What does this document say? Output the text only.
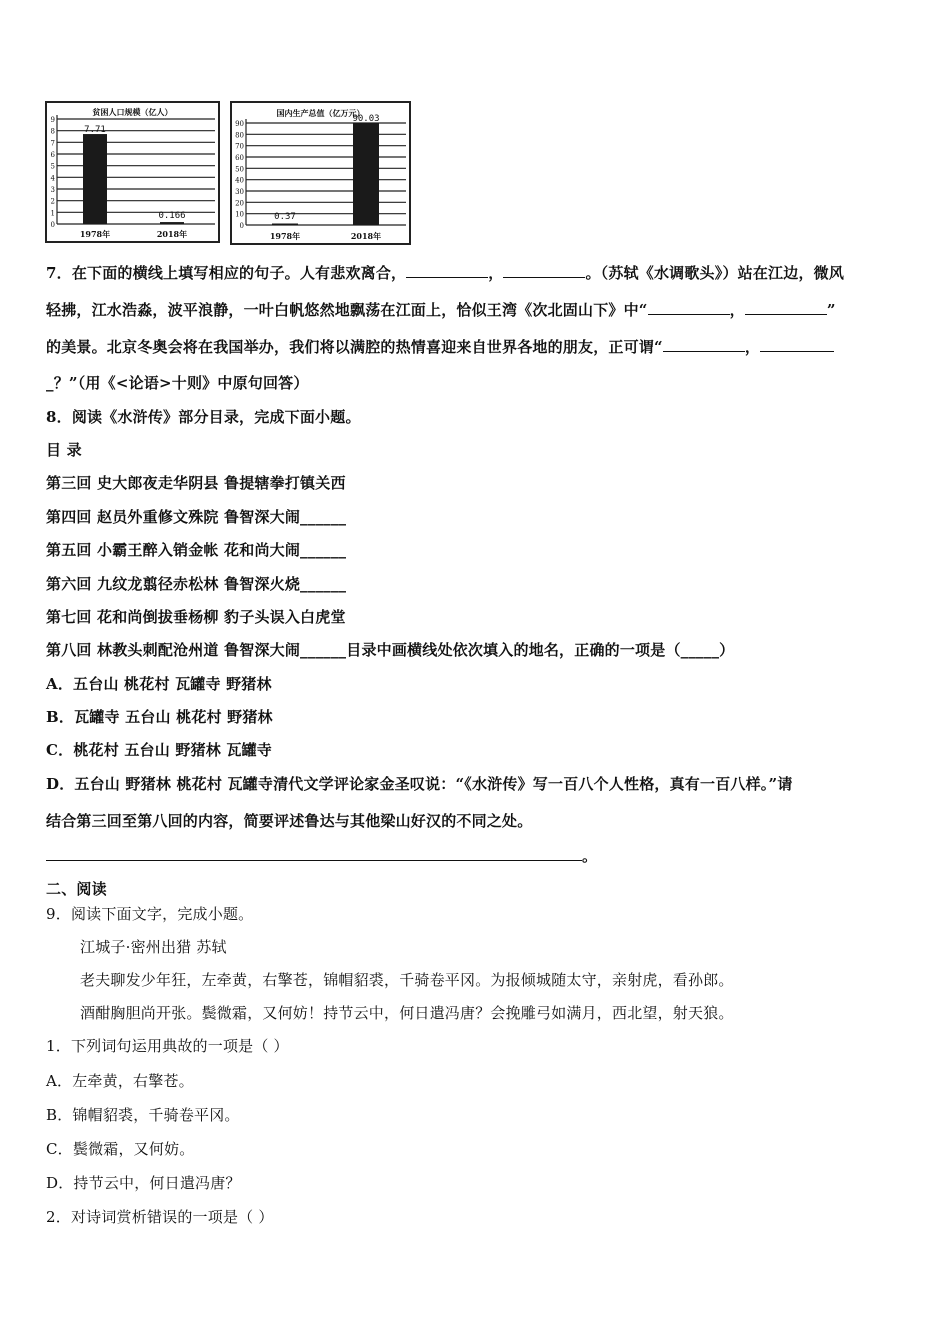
贫困人口规模（亿人）
0
1
2
3
4
5
6
7
8
9
7.71
1978年
0.166
2018年
国内生产总值（亿万元）
0
10
20
30
40
50
60
70
80
90
0.37
1978年
90.03
2018年
7．在下面的横线上填写相应的句子。人有悲欢离合，	，	。（苏轼《水调歌头》）站在江边，微风
轻拂，江水浩淼，波平浪静，一叶白帆悠然地飘荡在江面上，恰似王湾《次北固山下》中“	，	”
的美景。北京冬奥会将在我国举办，我们将以满腔的热情喜迎来自世界各地的朋友，正可谓“	，
_？”（用《<论语>十则》中原句回答）
8．阅读《水浒传》部分目录，完成下面小题。
目 录
第三回 史大郎夜走华阴县 鲁提辖拳打镇关西
第四回 赵员外重修文殊院 鲁智深大闹______
第五回 小霸王醉入销金帐 花和尚大闹______
第六回 九纹龙翦径赤松林 鲁智深火烧______
第七回 花和尚倒拔垂杨柳 豹子头误入白虎堂
第八回 林教头刺配沧州道 鲁智深大闹______目录中画横线处依次填入的地名，正确的一项是（_____）
A．五台山 桃花村 瓦罐寺 野猪林
B．瓦罐寺 五台山 桃花村 野猪林
C．桃花村 五台山 野猪林 瓦罐寺
D．五台山 野猪林 桃花村 瓦罐寺清代文学评论家金圣叹说：“《水浒传》写一百八个人性格，真有一百八样。”请
结合第三回至第八回的内容，简要评述鲁达与其他梁山好汉的不同之处。
。
二、阅读
9．阅读下面文字，完成小题。
江城子·密州出猎 苏轼
老夫聊发少年狂，左牵黄，右擎苍，锦帽貂裘，千骑卷平冈。为报倾城随太守，亲射虎，看孙郎。
酒酣胸胆尚开张。鬓微霜，又何妨！持节云中，何日遣冯唐？会挽雕弓如满月，西北望，射天狼。
1．下列词句运用典故的一项是（ ）
A．左牵黄，右擎苍。
B．锦帽貂裘，千骑卷平冈。
C．鬓微霜，又何妨。
D．持节云中，何日遣冯唐？
2．对诗词赏析错误的一项是（ ）
